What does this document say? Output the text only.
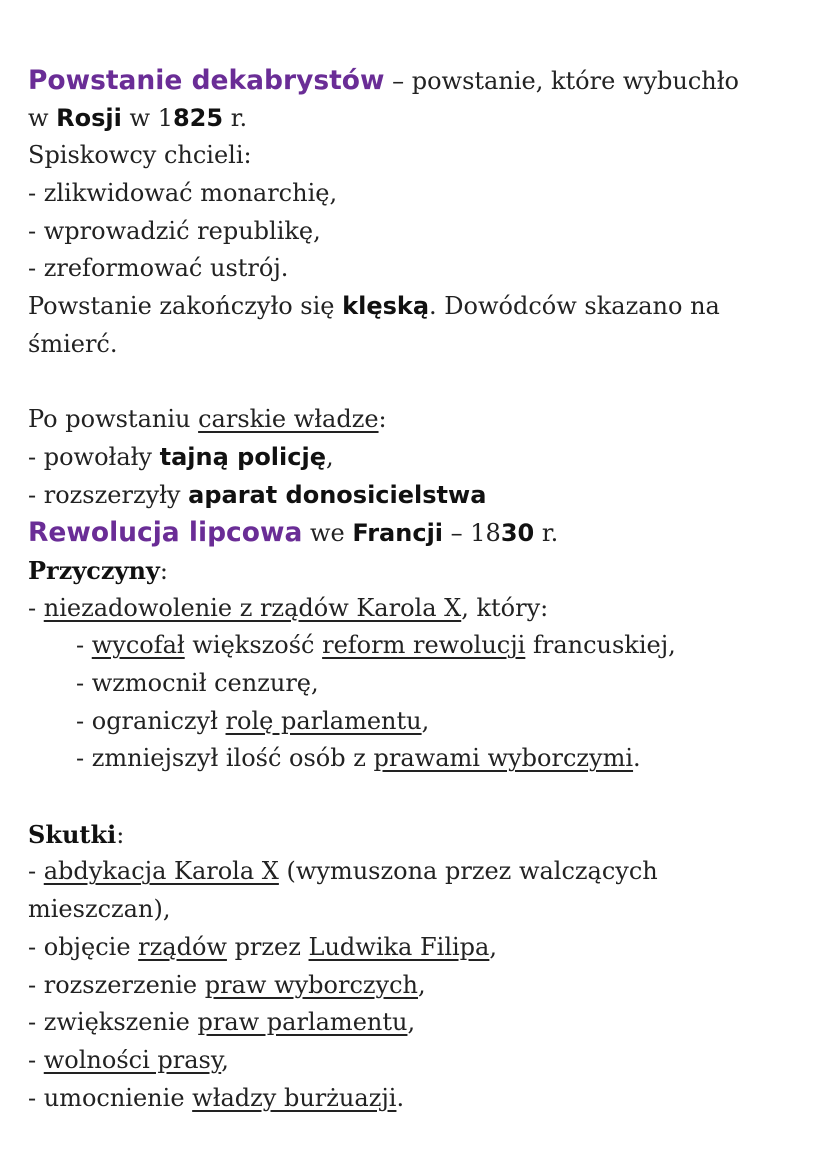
Powstanie dekabrystów – powstanie, które wybuchło
w Rosji w 1825 r.
Spiskowcy chcieli:
- zlikwidować monarchię,
- wprowadzić republikę,
- zreformować ustrój.
Powstanie zakończyło się klęską. Dowódców skazano na
śmierć.
Po powstaniu carskie władze:
- powołały tajną policję,
- rozszerzyły aparat donosicielstwa
Rewolucja lipcowa we Francji – 1830 r.
Przyczyny:
- niezadowolenie z rządów Karola X, który:
- wycofał większość reform rewolucji francuskiej,
- wzmocnił cenzurę,
- ograniczył rolę parlamentu,
- zmniejszył ilość osób z prawami wyborczymi.
Skutki:
- abdykacja Karola X (wymuszona przez walczących
mieszczan),
- objęcie rządów przez Ludwika Filipa,
- rozszerzenie praw wyborczych,
- zwiększenie praw parlamentu,
- wolności prasy,
- umocnienie władzy burżuazji.
